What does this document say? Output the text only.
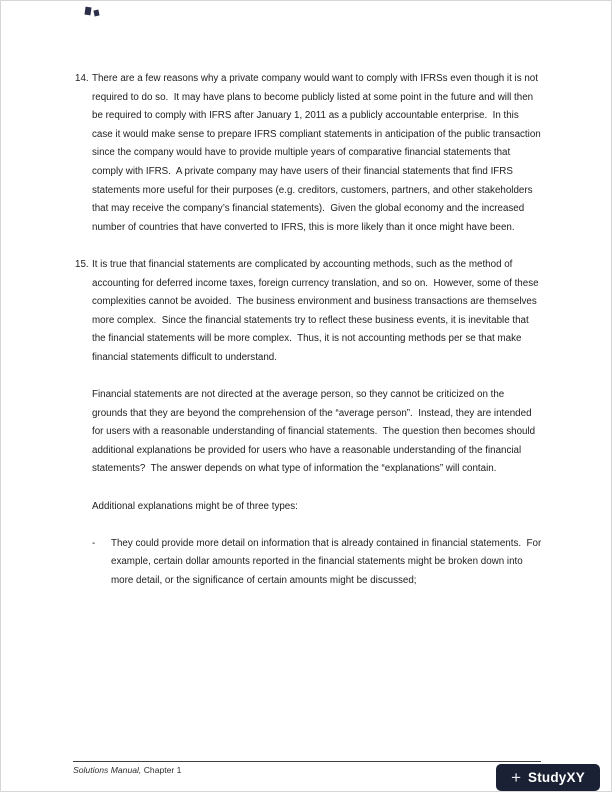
14. There are a few reasons why a private company would want to comply with IFRSs even though it is not required to do so.  It may have plans to become publicly listed at some point in the future and will then be required to comply with IFRS after January 1, 2011 as a publicly accountable enterprise.  In this case it would make sense to prepare IFRS compliant statements in anticipation of the public transaction since the company would have to provide multiple years of comparative financial statements that comply with IFRS.  A private company may have users of their financial statements that find IFRS statements more useful for their purposes (e.g. creditors, customers, partners, and other stakeholders that may receive the company’s financial statements).  Given the global economy and the increased number of countries that have converted to IFRS, this is more likely than it once might have been.

15. It is true that financial statements are complicated by accounting methods, such as the method of accounting for deferred income taxes, foreign currency translation, and so on.  However, some of these complexities cannot be avoided.  The business environment and business transactions are themselves more complex.  Since the financial statements try to reflect these business events, it is inevitable that the financial statements will be more complex.  Thus, it is not accounting methods per se that make financial statements difficult to understand.

Financial statements are not directed at the average person, so they cannot be criticized on the grounds that they are beyond the comprehension of the “average person”.  Instead, they are intended for users with a reasonable understanding of financial statements.  The question then becomes should additional explanations be provided for users who have a reasonable understanding of the financial statements?  The answer depends on what type of information the “explanations” will contain.

Additional explanations might be of three types:

-	They could provide more detail on information that is already contained in financial statements.  For example, certain dollar amounts reported in the financial statements might be broken down into more detail, or the significance of certain amounts might be discussed;

Solutions Manual, Chapter 1	+ StudyXY
